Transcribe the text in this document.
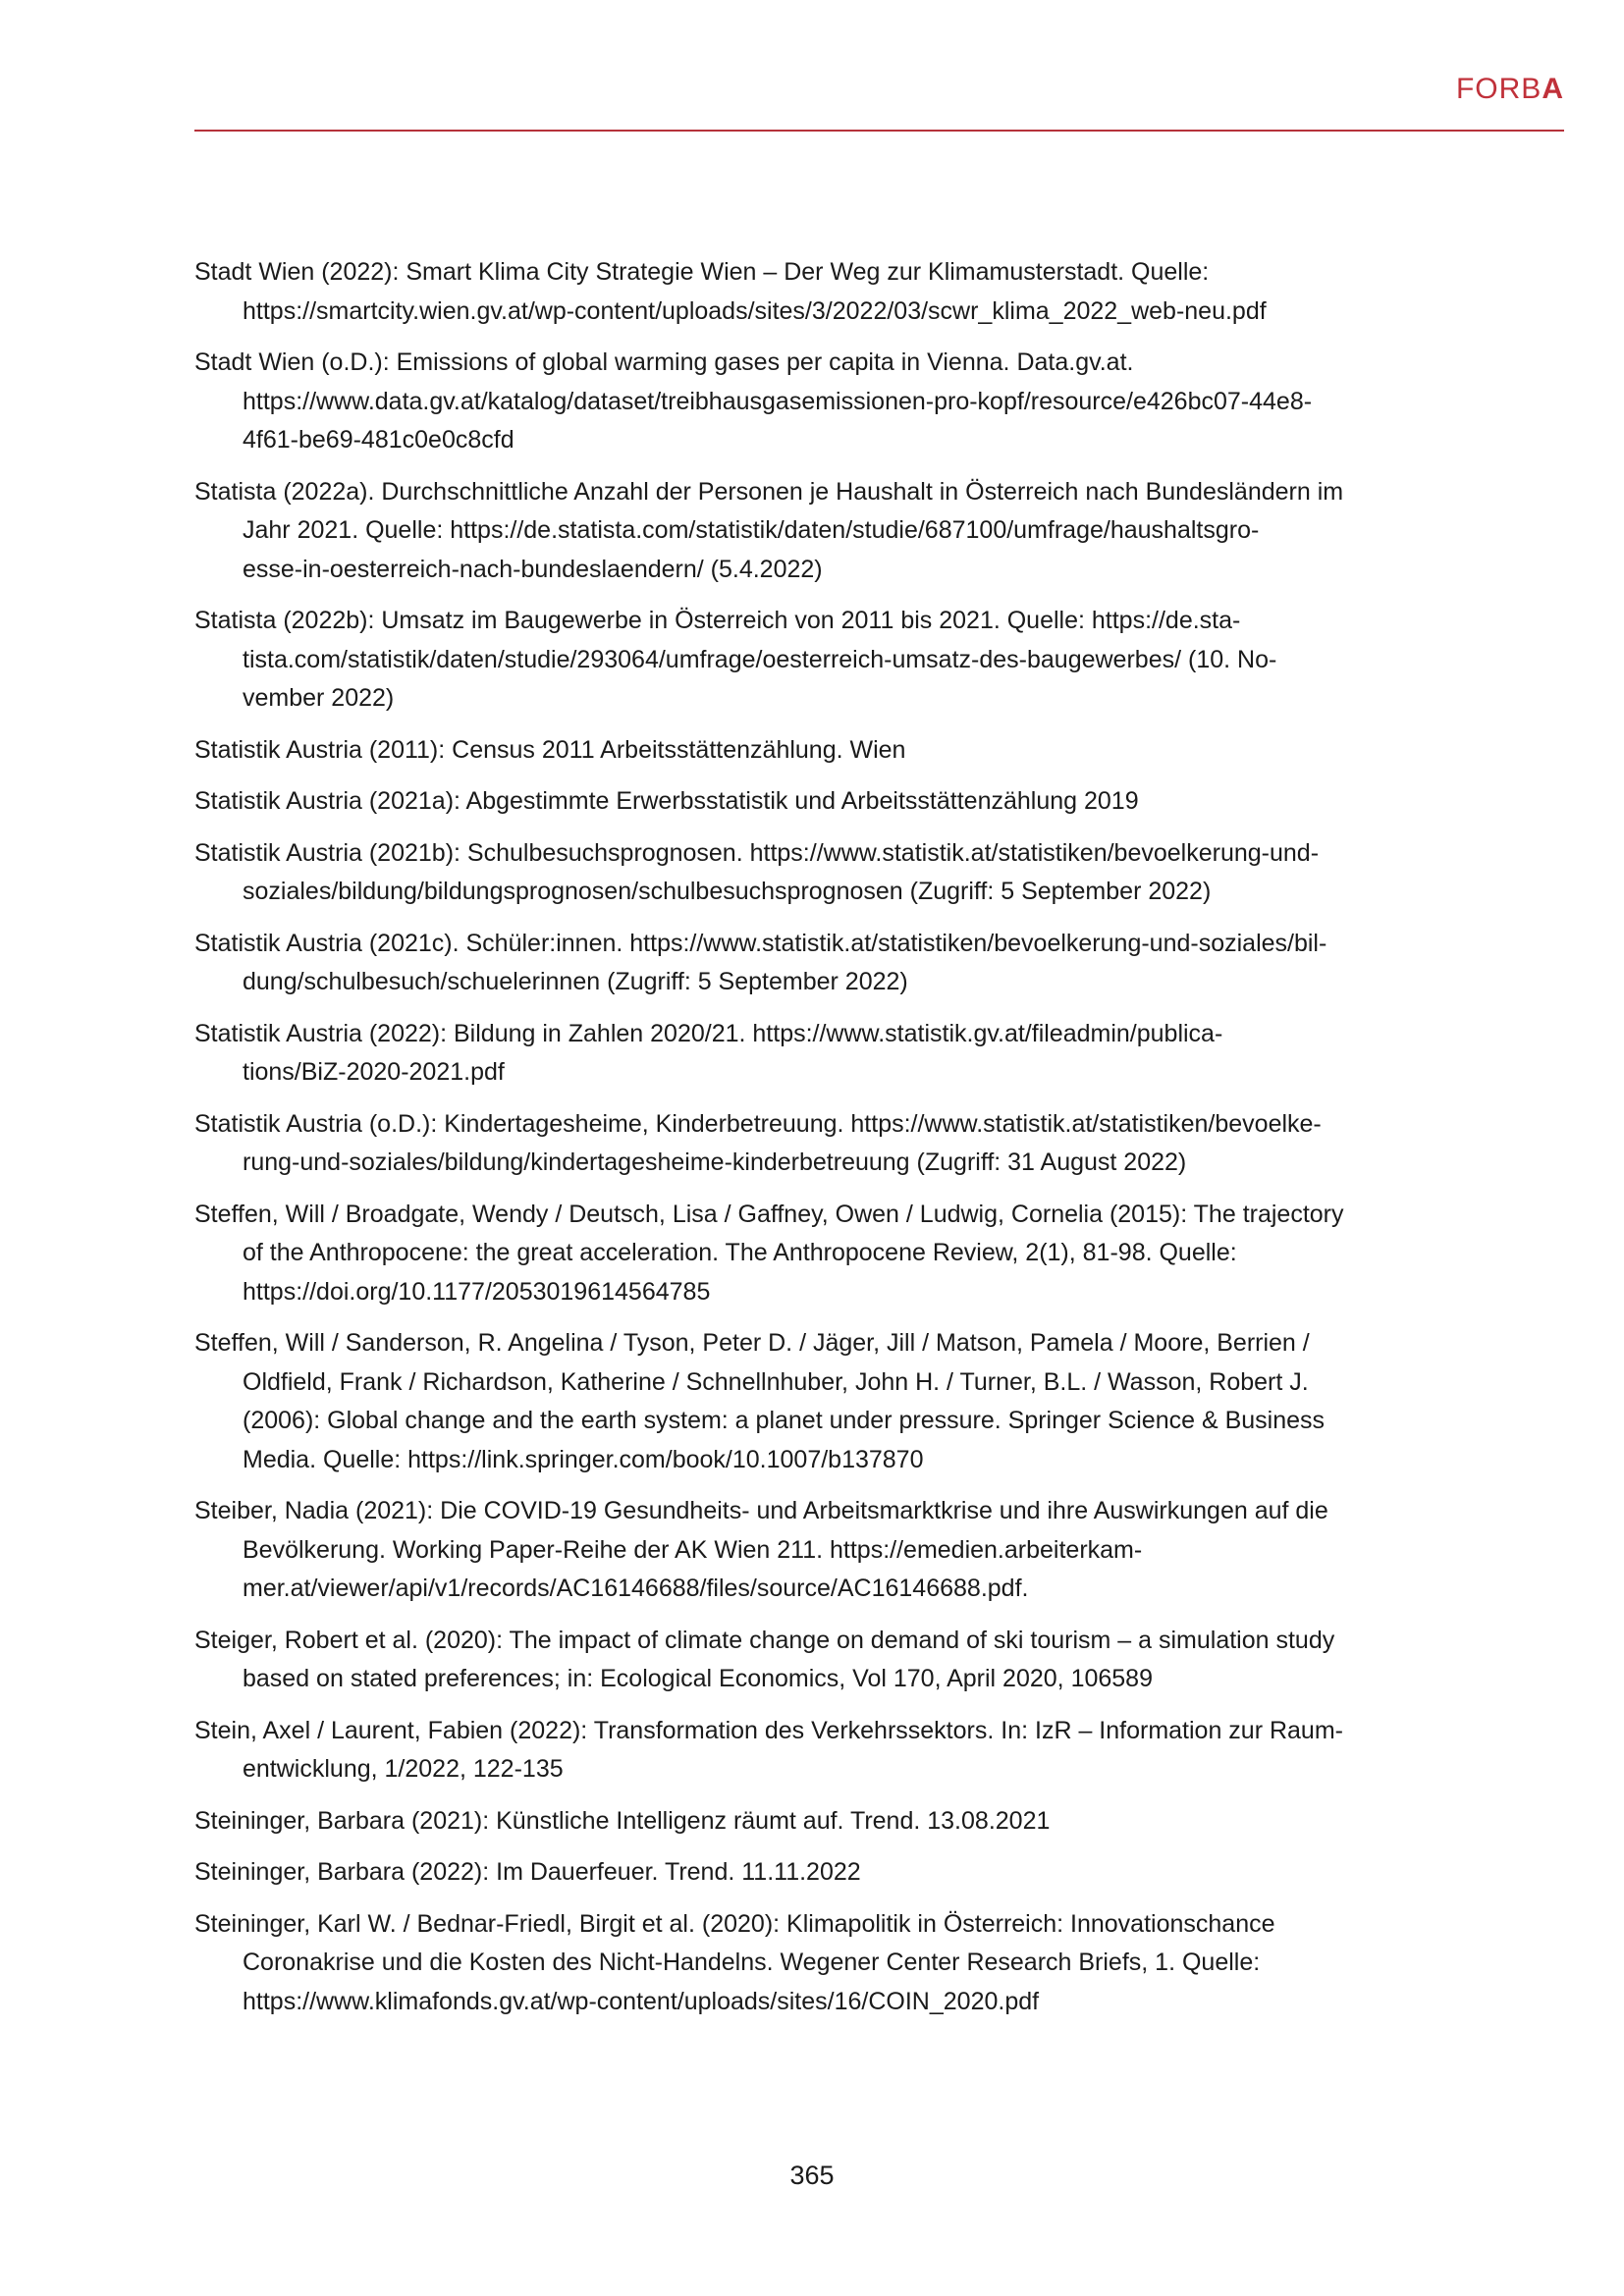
FORBA

Stadt Wien (2022): Smart Klima City Strategie Wien – Der Weg zur Klimamusterstadt. Quelle:
https://smartcity.wien.gv.at/wp-content/uploads/sites/3/2022/03/scwr_klima_2022_web-neu.pdf

Stadt Wien (o.D.): Emissions of global warming gases per capita in Vienna. Data.gv.at.
https://www.data.gv.at/katalog/dataset/treibhausgasemissionen-pro-kopf/resource/e426bc07-44e8-
4f61-be69-481c0e0c8cfd

Statista (2022a). Durchschnittliche Anzahl der Personen je Haushalt in Österreich nach Bundesländern im
Jahr 2021. Quelle: https://de.statista.com/statistik/daten/studie/687100/umfrage/haushaltsgro-
esse-in-oesterreich-nach-bundeslaendern/ (5.4.2022)

Statista (2022b): Umsatz im Baugewerbe in Österreich von 2011 bis 2021. Quelle: https://de.sta-
tista.com/statistik/daten/studie/293064/umfrage/oesterreich-umsatz-des-baugewerbes/ (10. No-
vember 2022)

Statistik Austria (2011): Census 2011 Arbeitsstättenzählung. Wien

Statistik Austria (2021a): Abgestimmte Erwerbsstatistik und Arbeitsstättenzählung 2019

Statistik Austria (2021b): Schulbesuchsprognosen. https://www.statistik.at/statistiken/bevoelkerung-und-
soziales/bildung/bildungsprognosen/schulbesuchsprognosen (Zugriff: 5 September 2022)

Statistik Austria (2021c). Schüler:innen. https://www.statistik.at/statistiken/bevoelkerung-und-soziales/bil-
dung/schulbesuch/schuelerinnen (Zugriff: 5 September 2022)

Statistik Austria (2022): Bildung in Zahlen 2020/21. https://www.statistik.gv.at/fileadmin/publica-
tions/BiZ-2020-2021.pdf

Statistik Austria (o.D.): Kindertagesheime, Kinderbetreuung. https://www.statistik.at/statistiken/bevoelke-
rung-und-soziales/bildung/kindertagesheime-kinderbetreuung (Zugriff: 31 August 2022)

Steffen, Will / Broadgate, Wendy / Deutsch, Lisa / Gaffney, Owen / Ludwig, Cornelia (2015): The trajectory
of the Anthropocene: the great acceleration. The Anthropocene Review, 2(1), 81-98. Quelle:
https://doi.org/10.1177/2053019614564785

Steffen, Will / Sanderson, R. Angelina / Tyson, Peter D. / Jäger, Jill / Matson, Pamela / Moore, Berrien /
Oldfield, Frank / Richardson, Katherine / Schnellnhuber, John H. / Turner, B.L. / Wasson, Robert J.
(2006): Global change and the earth system: a planet under pressure. Springer Science & Business
Media. Quelle: https://link.springer.com/book/10.1007/b137870

Steiber, Nadia (2021): Die COVID-19 Gesundheits- und Arbeitsmarktkrise und ihre Auswirkungen auf die
Bevölkerung. Working Paper-Reihe der AK Wien 211. https://emedien.arbeiterkam-
mer.at/viewer/api/v1/records/AC16146688/files/source/AC16146688.pdf.

Steiger, Robert et al. (2020): The impact of climate change on demand of ski tourism – a simulation study
based on stated preferences; in: Ecological Economics, Vol 170, April 2020, 106589

Stein, Axel / Laurent, Fabien (2022): Transformation des Verkehrssektors. In: IzR – Information zur Raum-
entwicklung, 1/2022, 122-135

Steininger, Barbara (2021): Künstliche Intelligenz räumt auf. Trend. 13.08.2021

Steininger, Barbara (2022): Im Dauerfeuer. Trend. 11.11.2022

Steininger, Karl W. / Bednar-Friedl, Birgit et al. (2020): Klimapolitik in Österreich: Innovationschance
Coronakrise und die Kosten des Nicht-Handelns. Wegener Center Research Briefs, 1. Quelle:
https://www.klimafonds.gv.at/wp-content/uploads/sites/16/COIN_2020.pdf

365
